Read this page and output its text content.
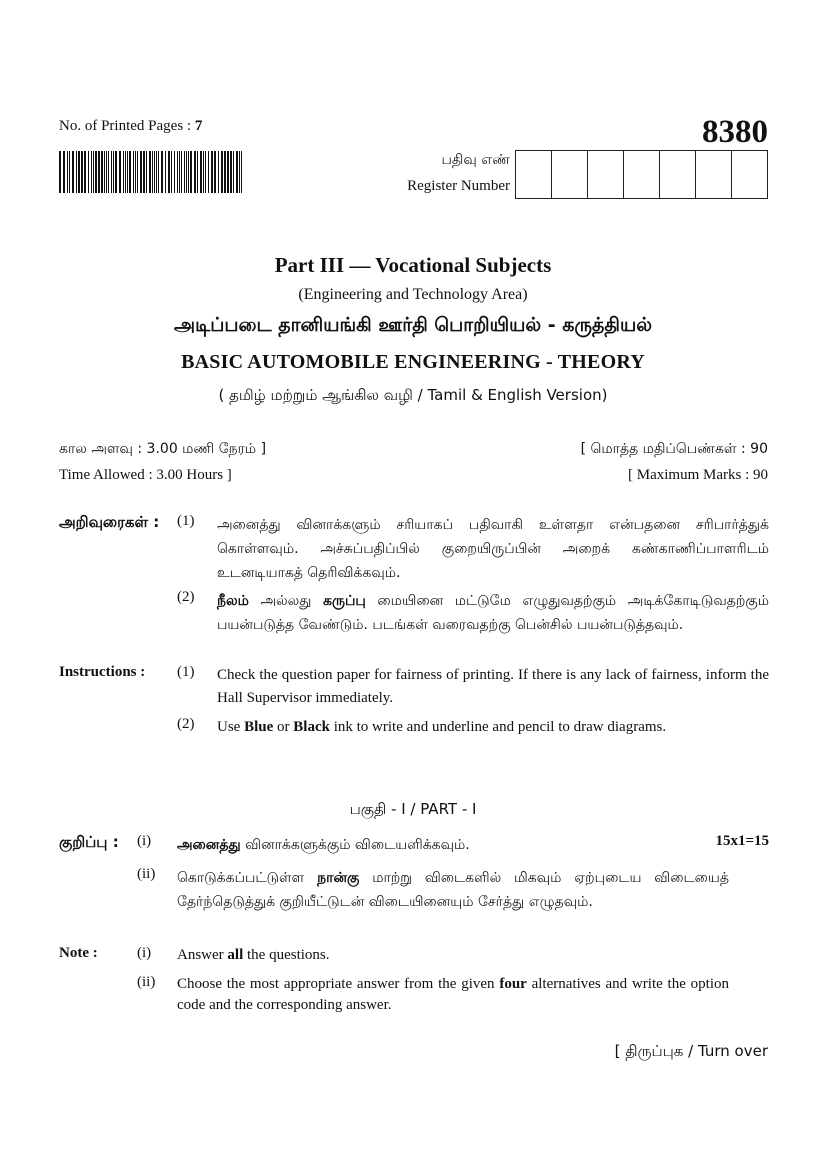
No. of Printed Pages : 7	8380
பதிவு எண்
Register Number
Part III — Vocational Subjects
(Engineering and Technology Area)
அடிப்படை தானியங்கி ஊர்தி பொறியியல் - கருத்தியல்
BASIC AUTOMOBILE ENGINEERING - THEORY
( தமிழ் மற்றும் ஆங்கில வழி / Tamil & English Version)
கால அளவு : 3.00 மணி நேரம் ]
Time Allowed : 3.00 Hours ]
[ மொத்த மதிப்பெண்கள் : 90
[ Maximum Marks : 90
அறிவுரைகள் :	(1)	அனைத்து வினாக்களும் சரியாகப் பதிவாகி உள்ளதா என்பதனை சரிபார்த்துக் கொள்ளவும். அச்சுப்பதிப்பில் குறையிருப்பின் அறைக் கண்காணிப்பாளரிடம் உடனடியாகத் தெரிவிக்கவும்.
(2)	நீலம் அல்லது கருப்பு மையினை மட்டுமே எழுதுவதற்கும் அடிக்கோடிடுவதற்கும் பயன்படுத்த வேண்டும். படங்கள் வரைவதற்கு பென்சில் பயன்படுத்தவும்.
Instructions :	(1)	Check the question paper for fairness of printing. If there is any lack of fairness, inform the Hall Supervisor immediately.
(2)	Use Blue or Black ink to write and underline and pencil to draw diagrams.
பகுதி - I / PART - I
குறிப்பு :	(i)	அனைத்து வினாக்களுக்கும் விடையளிக்கவும்.	15x1=15
(ii)	கொடுக்கப்பட்டுள்ள நான்கு மாற்று விடைகளில் மிகவும் ஏற்புடைய விடையைத் தேர்ந்தெடுத்துக் குறியீட்டுடன் விடையினையும் சேர்த்து எழுதவும்.
Note :	(i)	Answer all the questions.
(ii)	Choose the most appropriate answer from the given four alternatives and write the option code and the corresponding answer.
[ திருப்புக / Turn over
